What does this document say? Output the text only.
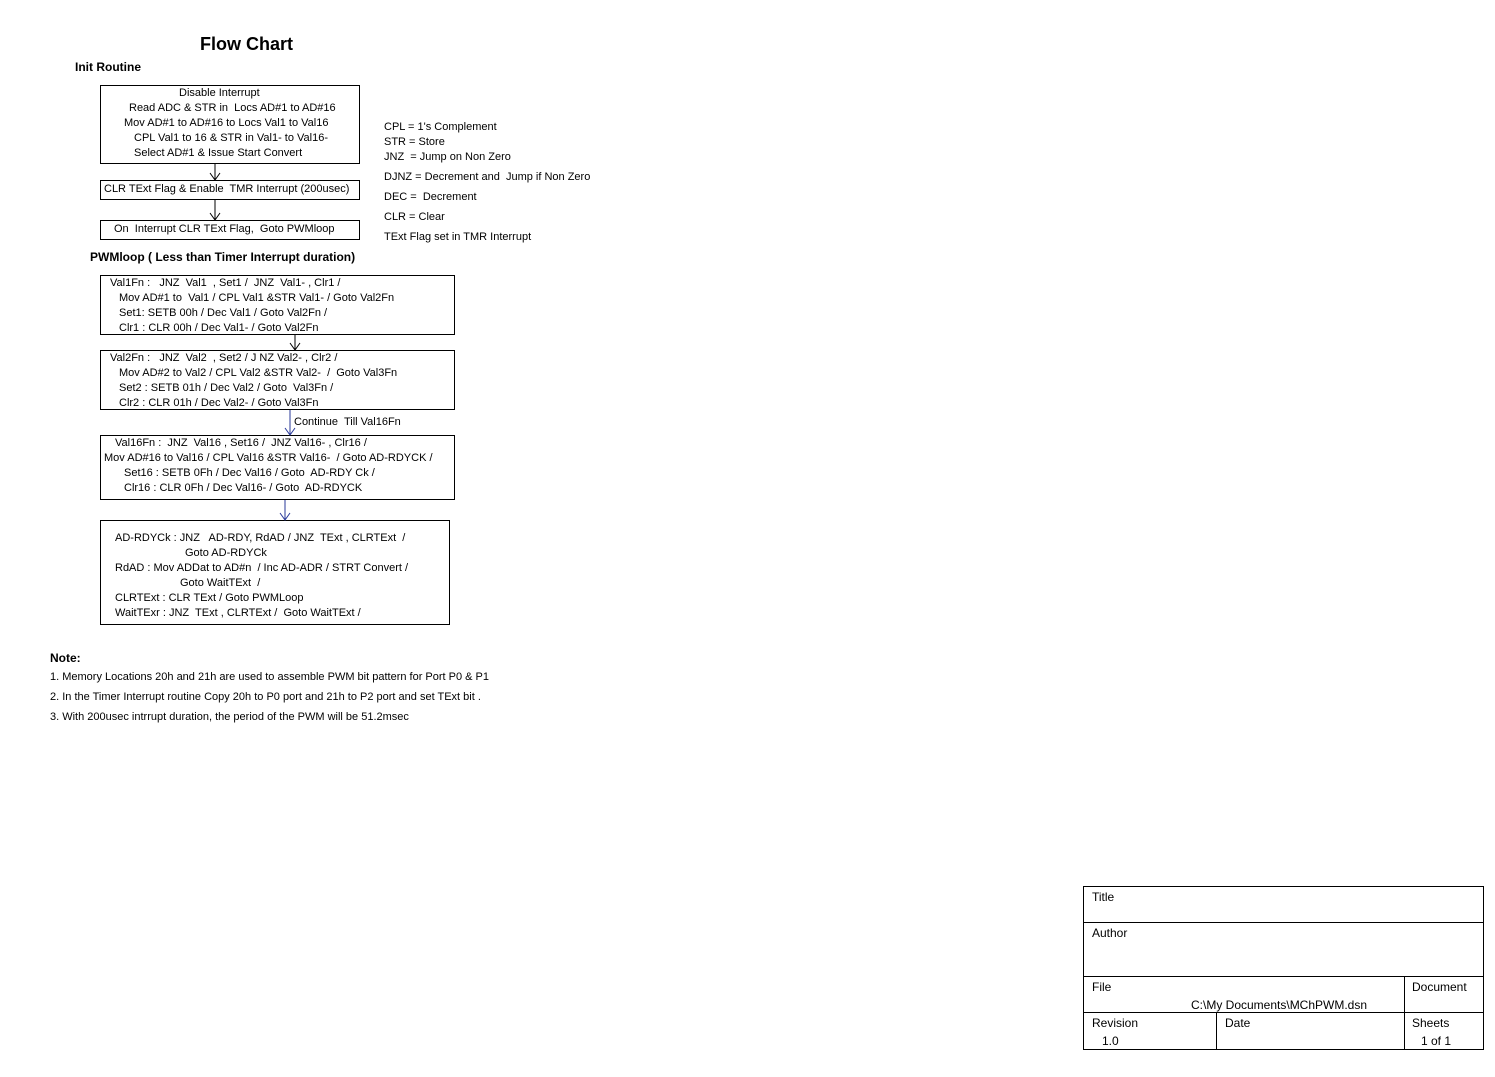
Flow Chart
Init Routine
Disable Interrupt
Read ADC & STR in  Locs AD#1 to AD#16
Mov AD#1 to AD#16 to Locs Val1 to Val16
CPL Val1 to 16 & STR in Val1- to Val16-
Select AD#1 & Issue Start Convert
CLR TExt Flag & Enable  TMR Interrupt (200usec)
On  Interrupt CLR TExt Flag,  Goto PWMloop
CPL = 1's Complement
STR = Store
JNZ  = Jump on Non Zero
DJNZ = Decrement and  Jump if Non Zero
DEC =  Decrement
CLR = Clear
TExt Flag set in TMR Interrupt
PWMloop ( Less than Timer Interrupt duration)
Val1Fn :   JNZ  Val1  , Set1 /  JNZ  Val1- , Clr1 /
Mov AD#1 to  Val1 / CPL Val1 &STR Val1- / Goto Val2Fn
Set1: SETB 00h / Dec Val1 / Goto Val2Fn /
Clr1 : CLR 00h / Dec Val1- / Goto Val2Fn
Val2Fn :   JNZ  Val2  , Set2 / J NZ Val2- , Clr2 /
Mov AD#2 to Val2 / CPL Val2 &STR Val2-  /  Goto Val3Fn
Set2 : SETB 01h / Dec Val2 / Goto  Val3Fn /
Clr2 : CLR 01h / Dec Val2- / Goto Val3Fn
Continue  Till Val16Fn
Val16Fn :  JNZ  Val16 , Set16 /  JNZ Val16- , Clr16 /
Mov AD#16 to Val16 / CPL Val16 &STR Val16-  / Goto AD-RDYCK /
Set16 : SETB 0Fh / Dec Val16 / Goto  AD-RDY Ck /
Clr16 : CLR 0Fh / Dec Val16- / Goto  AD-RDYCK
AD-RDYCk : JNZ   AD-RDY, RdAD / JNZ  TExt , CLRTExt  /
Goto AD-RDYCk
RdAD : Mov ADDat to AD#n  / Inc AD-ADR / STRT Convert /
Goto WaitTExt  /
CLRTExt : CLR TExt / Goto PWMLoop
WaitTExr : JNZ  TExt , CLRTExt /  Goto WaitTExt /
Note:
1. Memory Locations 20h and 21h are used to assemble PWM bit pattern for Port P0 & P1
2. In the Timer Interrupt routine Copy 20h to P0 port and 21h to P2 port and set TExt bit .
3. With 200usec intrrupt duration, the period of the PWM will be 51.2msec

Title

Author

File

C:\My Documents\MChPWM.dsn

Document

Revision

1.0

Date

	Sheets

1 of 1
